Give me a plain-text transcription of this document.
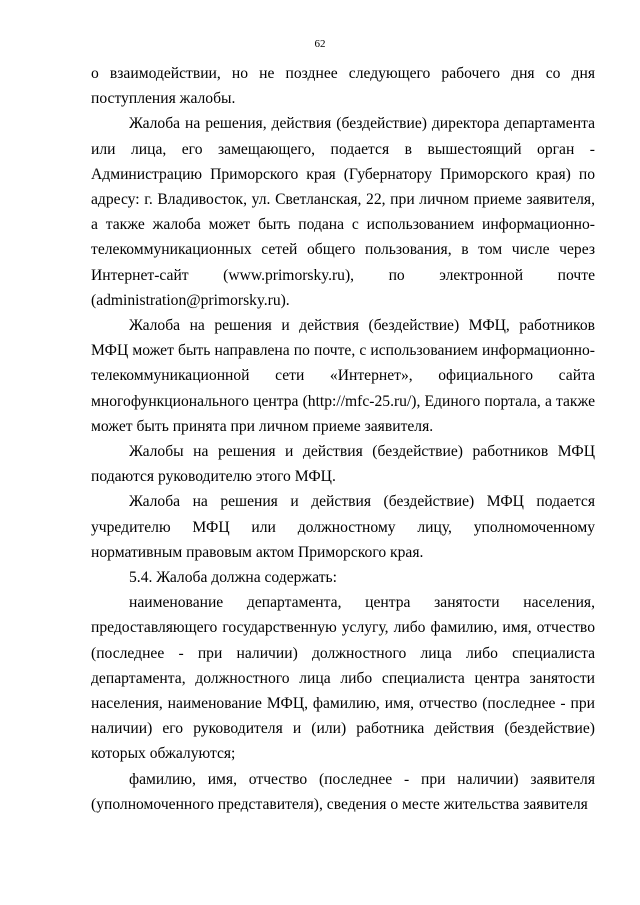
62

о взаимодействии, но не позднее следующего рабочего дня со дня поступления жалобы.

Жалоба на решения, действия (бездействие) директора департамента или лица, его замещающего, подается в вышестоящий орган - Администрацию Приморского края (Губернатору Приморского края) по адресу: г. Владивосток, ул. Светланская, 22, при личном приеме заявителя, а также жалоба может быть подана с использованием информационно-телекоммуникационных сетей общего пользования, в том числе через Интернет-сайт (www.primorsky.ru), по электронной почте (administration@primorsky.ru).

Жалоба на решения и действия (бездействие) МФЦ, работников МФЦ может быть направлена по почте, с использованием информационно-телекоммуникационной сети «Интернет», официального сайта многофункционального центра (http://mfc-25.ru/), Единого портала, а также может быть принята при личном приеме заявителя.

Жалобы на решения и действия (бездействие) работников МФЦ подаются руководителю этого МФЦ.

Жалоба на решения и действия (бездействие) МФЦ подается учредителю МФЦ или должностному лицу, уполномоченному нормативным правовым актом Приморского края.

5.4. Жалоба должна содержать:

наименование департамента, центра занятости населения, предоставляющего государственную услугу, либо фамилию, имя, отчество (последнее - при наличии) должностного лица либо специалиста департамента, должностного лица либо специалиста центра занятости населения, наименование МФЦ, фамилию, имя, отчество (последнее - при наличии) его руководителя и (или) работника действия (бездействие) которых обжалуются;

фамилию, имя, отчество (последнее - при наличии) заявителя (уполномоченного представителя), сведения о месте жительства заявителя
